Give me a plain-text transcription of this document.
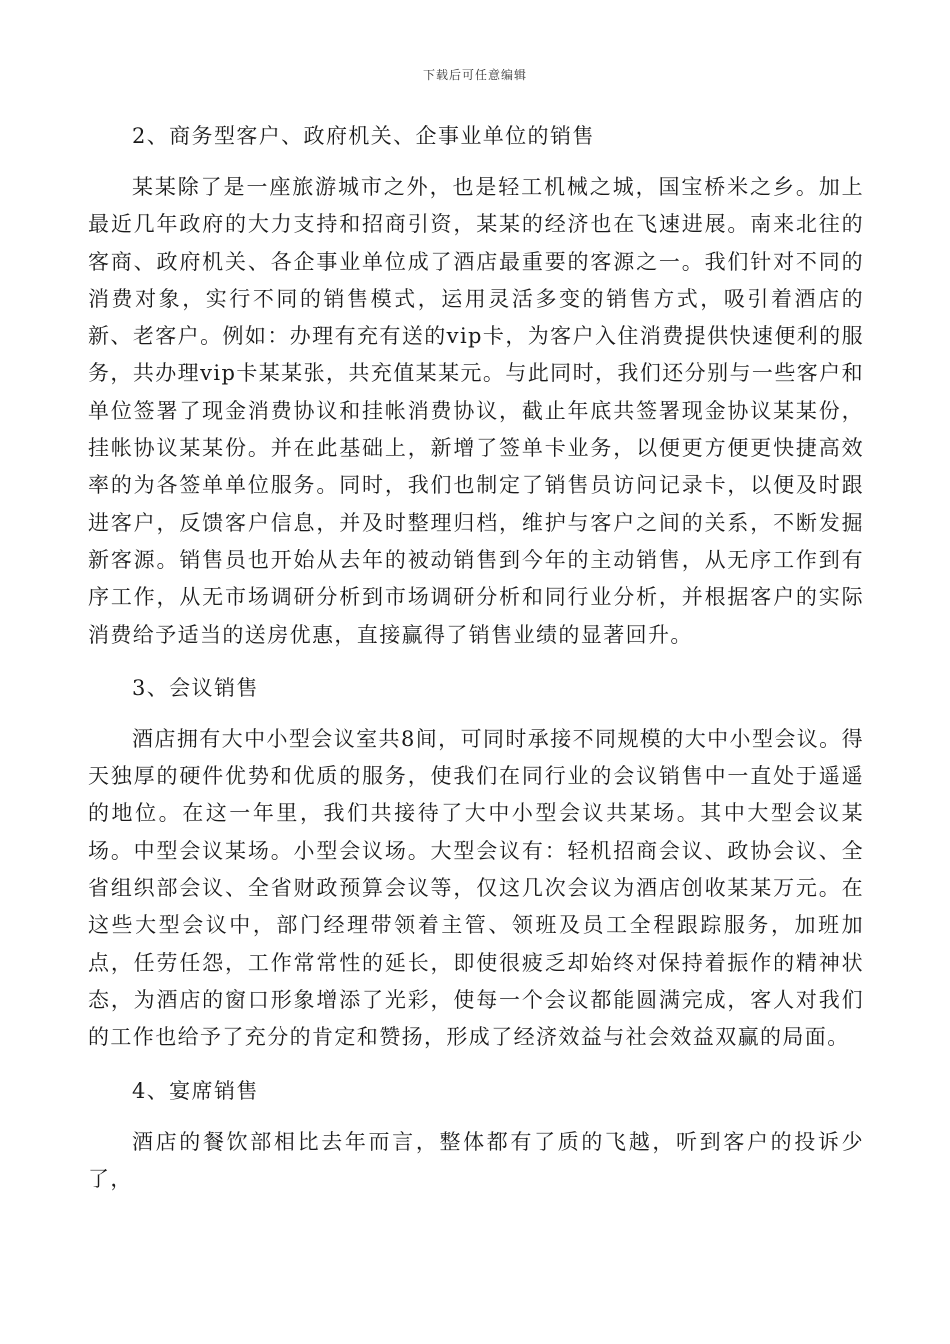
下载后可任意编辑

2、商务型客户、政府机关、企事业单位的销售

某某除了是一座旅游城市之外，也是轻工机械之城，国宝桥米之乡。加上最近几年政府的大力支持和招商引资，某某的经济也在飞速进展。南来北往的客商、政府机关、各企事业单位成了酒店最重要的客源之一。我们针对不同的消费对象，实行不同的销售模式，运用灵活多变的销售方式，吸引着酒店的新、老客户。例如：办理有充有送的vip卡，为客户入住消费提供快速便利的服务，共办理vip卡某某张，共充值某某元。与此同时，我们还分别与一些客户和单位签署了现金消费协议和挂帐消费协议，截止年底共签署现金协议某某份，挂帐协议某某份。并在此基础上，新增了签单卡业务，以便更方便更快捷高效率的为各签单单位服务。同时，我们也制定了销售员访问记录卡，以便及时跟进客户，反馈客户信息，并及时整理归档，维护与客户之间的关系，不断发掘新客源。销售员也开始从去年的被动销售到今年的主动销售，从无序工作到有序工作，从无市场调研分析到市场调研分析和同行业分析，并根据客户的实际消费给予适当的送房优惠，直接赢得了销售业绩的显著回升。

3、会议销售

酒店拥有大中小型会议室共8间，可同时承接不同规模的大中小型会议。得天独厚的硬件优势和优质的服务，使我们在同行业的会议销售中一直处于遥遥的地位。在这一年里，我们共接待了大中小型会议共某场。其中大型会议某场。中型会议某场。小型会议场。大型会议有：轻机招商会议、政协会议、全省组织部会议、全省财政预算会议等，仅这几次会议为酒店创收某某万元。在这些大型会议中，部门经理带领着主管、领班及员工全程跟踪服务，加班加点，任劳任怨，工作常常性的延长，即使很疲乏却始终对保持着振作的精神状态，为酒店的窗口形象增添了光彩，使每一个会议都能圆满完成，客人对我们的工作也给予了充分的肯定和赞扬，形成了经济效益与社会效益双赢的局面。

4、宴席销售

酒店的餐饮部相比去年而言，整体都有了质的飞越，听到客户的投诉少了，
